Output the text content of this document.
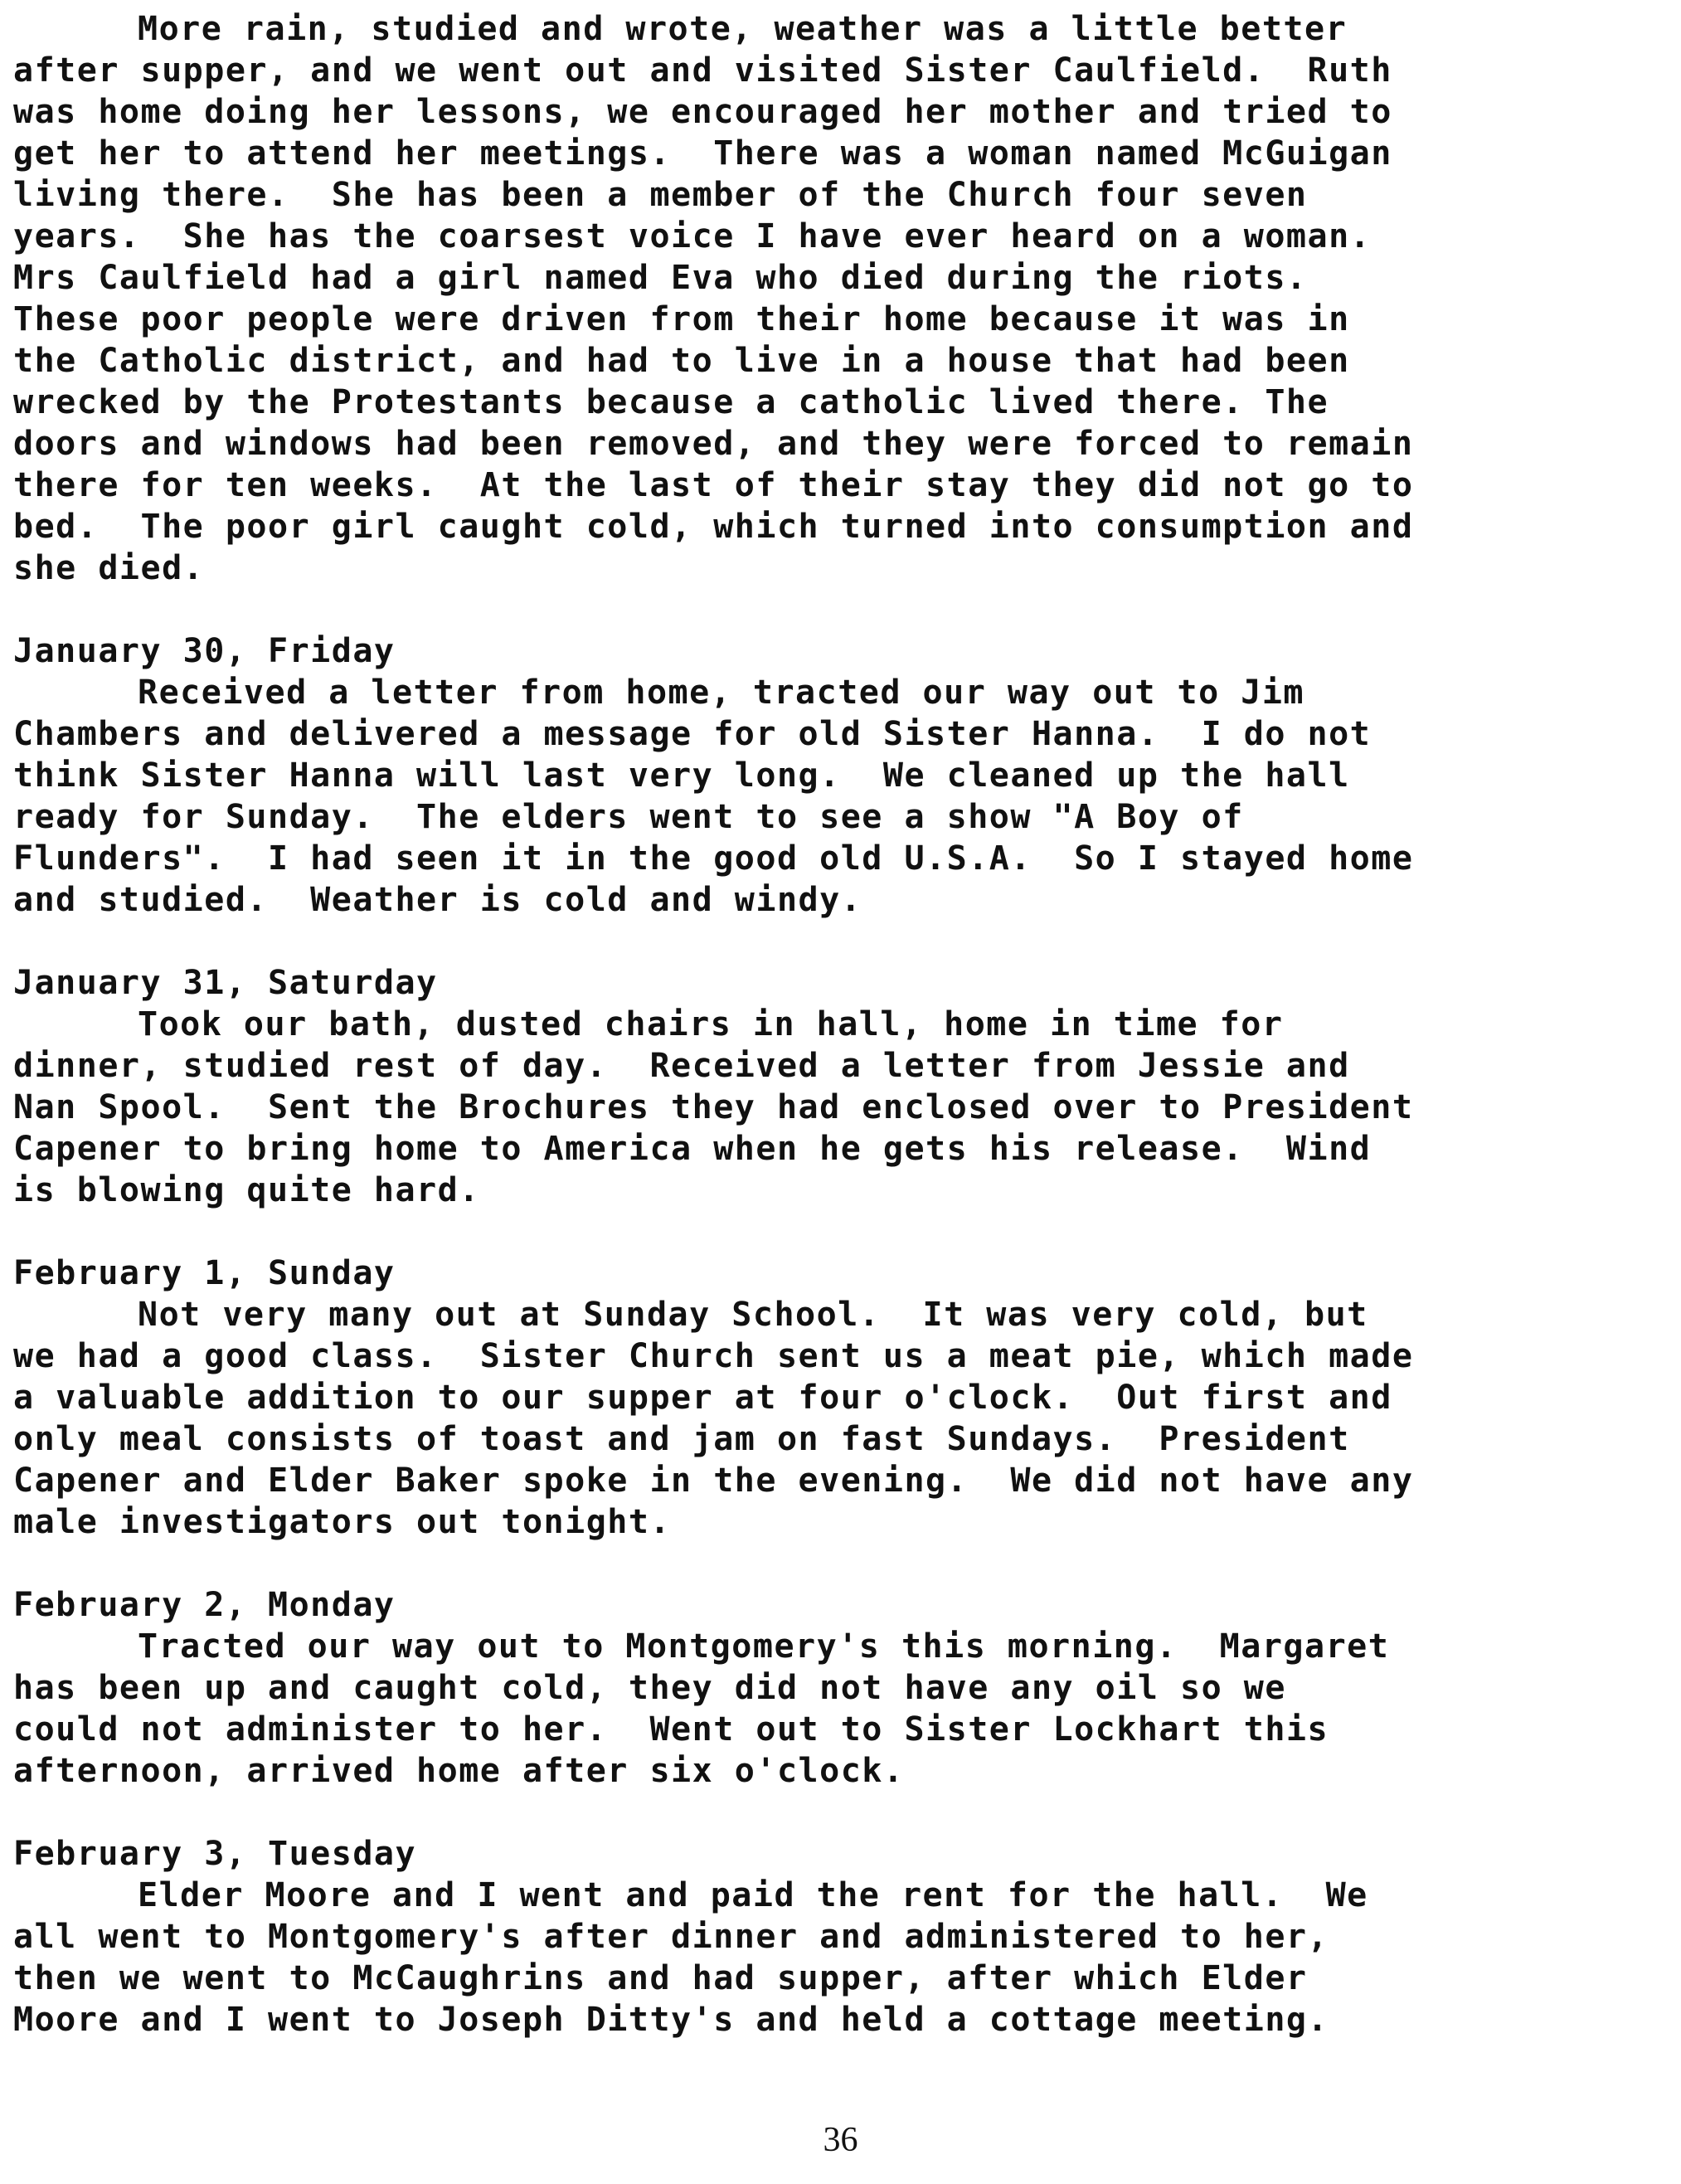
More rain, studied and wrote, weather was a little better
after supper, and we went out and visited Sister Caulfield.  Ruth
was home doing her lessons, we encouraged her mother and tried to
get her to attend her meetings.  There was a woman named McGuigan
living there.  She has been a member of the Church four seven
years.  She has the coarsest voice I have ever heard on a woman.
Mrs Caulfield had a girl named Eva who died during the riots.
These poor people were driven from their home because it was in
the Catholic district, and had to live in a house that had been
wrecked by the Protestants because a catholic lived there. The
doors and windows had been removed, and they were forced to remain
there for ten weeks.  At the last of their stay they did not go to
bed.  The poor girl caught cold, which turned into consumption and
she died.
January 30, Friday
Received a letter from home, tracted our way out to Jim
Chambers and delivered a message for old Sister Hanna.  I do not
think Sister Hanna will last very long.  We cleaned up the hall
ready for Sunday.  The elders went to see a show "A Boy of
Flunders".  I had seen it in the good old U.S.A.  So I stayed home
and studied.  Weather is cold and windy.
January 31, Saturday
Took our bath, dusted chairs in hall, home in time for
dinner, studied rest of day.  Received a letter from Jessie and
Nan Spool.  Sent the Brochures they had enclosed over to President
Capener to bring home to America when he gets his release.  Wind
is blowing quite hard.
February 1, Sunday
Not very many out at Sunday School.  It was very cold, but
we had a good class.  Sister Church sent us a meat pie, which made
a valuable addition to our supper at four o'clock.  Out first and
only meal consists of toast and jam on fast Sundays.  President
Capener and Elder Baker spoke in the evening.  We did not have any
male investigators out tonight.
February 2, Monday
Tracted our way out to Montgomery's this morning.  Margaret
has been up and caught cold, they did not have any oil so we
could not administer to her.  Went out to Sister Lockhart this
afternoon, arrived home after six o'clock.
February 3, Tuesday
Elder Moore and I went and paid the rent for the hall.  We
all went to Montgomery's after dinner and administered to her,
then we went to McCaughrins and had supper, after which Elder
Moore and I went to Joseph Ditty's and held a cottage meeting.
36
